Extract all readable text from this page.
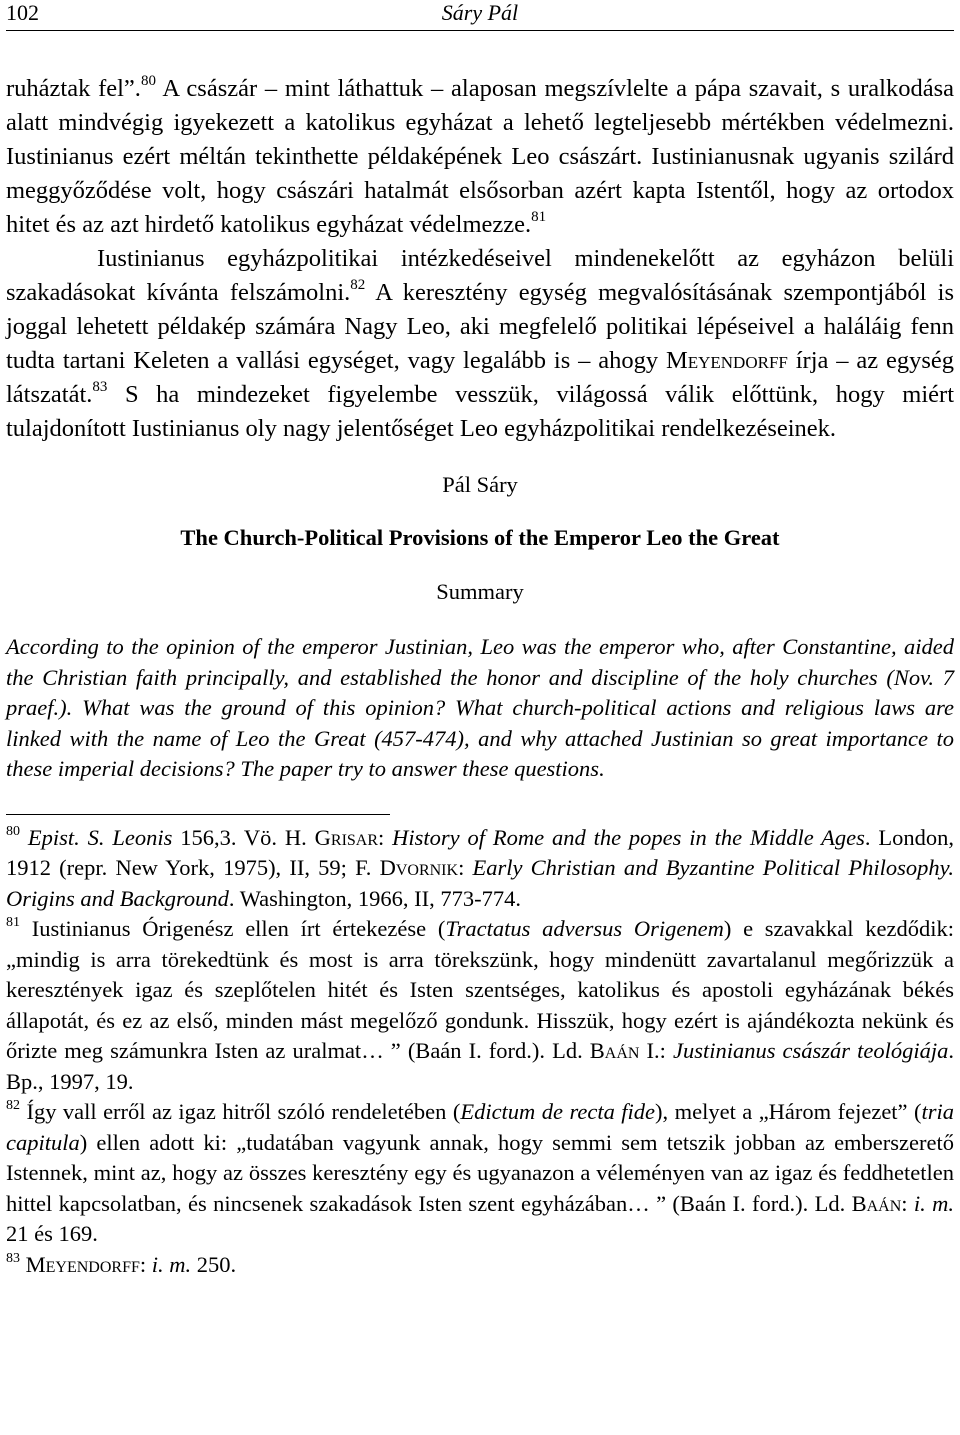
102	Sáry Pál

ruháztak fel”.$^{80}$ A császár – mint láthattuk – alaposan megszívlelte a pápa szavait, s uralkodása alatt mindvégig igyekezett a katolikus egyházat a lehető legteljesebb mértékben védelmezni. Iustinianus ezért méltán tekinthette példaképének Leo császárt. Iustinianusnak ugyanis szilárd meggyőződése volt, hogy császári hatalmát elsősorban azért kapta Istentől, hogy az ortodox hitet és az azt hirdető katolikus egyházat védelmezze.$^{81}$

Iustinianus egyházpolitikai intézkedéseivel mindenekelőtt az egyházon belüli szakadásokat kívánta felszámolni.$^{82}$ A keresztény egység megvalósításának szempontjából is joggal lehetett példakép számára Nagy Leo, aki megfelelő politikai lépéseivel a haláláig fenn tudta tartani Keleten a vallási egységet, vagy legalább is – ahogy Meyendorff írja – az egység látszatát.$^{83}$ S ha mindezeket figyelembe vesszük, világossá válik előttünk, hogy miért tulajdonított Iustinianus oly nagy jelentőséget Leo egyházpolitikai rendelkezéseinek.

Pál Sáry
The Church-Political Provisions of the Emperor Leo the Great
Summary
According to the opinion of the emperor Justinian, Leo was the emperor who, after Constantine, aided the Christian faith principally, and established the honor and discipline of the holy churches (Nov. 7 praef.). What was the ground of this opinion? What church-political actions and religious laws are linked with the name of Leo the Great (457-474), and why attached Justinian so great importance to these imperial decisions? The paper try to answer these questions.

$^{80}$ Epist. S. Leonis 156,3. Vö. H. Grisar: History of Rome and the popes in the Middle Ages. London, 1912 (repr. New York, 1975), II, 59; F. Dvornik: Early Christian and Byzantine Political Philosophy. Origins and Background. Washington, 1966, II, 773-774.

$^{81}$ Iustinianus Órigenész ellen írt értekezése (Tractatus adversus Origenem) e szavakkal kezdődik: „mindig is arra törekedtünk és most is arra törekszünk, hogy mindenütt zavartalanul megőrizzük a keresztények igaz és szeplőtelen hitét és Isten szentséges, katolikus és apostoli egyházának békés állapotát, és ez az első, minden mást megelőző gondunk. Hisszük, hogy ezért is ajándékozta nekünk és őrizte meg számunkra Isten az uralmat… ” (Baán I. ford.). Ld. Baán I.: Justinianus császár teológiája. Bp., 1997, 19.

$^{82}$ Így vall erről az igaz hitről szóló rendeletében (Edictum de recta fide), melyet a „Három fejezet” (tria capitula) ellen adott ki: „tudatában vagyunk annak, hogy semmi sem tetszik jobban az emberszerető Istennek, mint az, hogy az összes keresztény egy és ugyanazon a véleményen van az igaz és feddhetetlen hittel kapcsolatban, és nincsenek szakadások Isten szent egyházában… ” (Baán I. ford.). Ld. Baán: i. m. 21 és 169.

$^{83}$ Meyendorff: i. m. 250.
